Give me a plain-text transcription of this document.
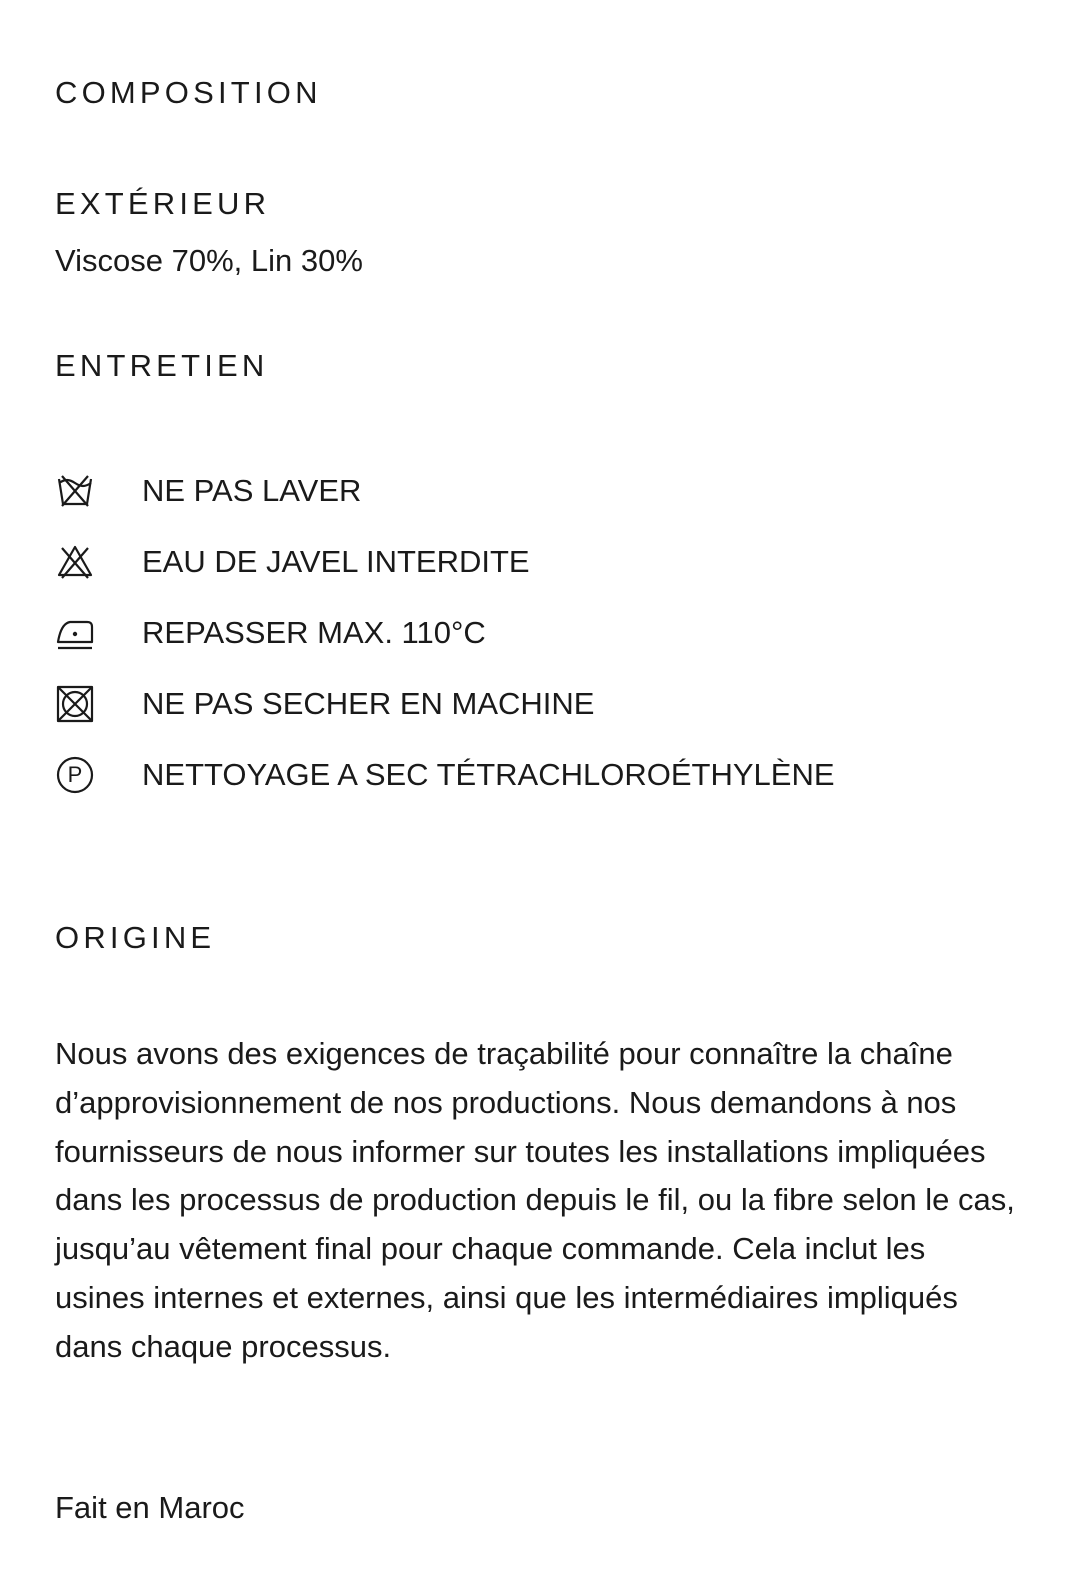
COMPOSITION
EXTÉRIEUR

Viscose 70%, Lin 30%

ENTRETIEN
NE PAS LAVER
EAU DE JAVEL INTERDITE
REPASSER MAX. 110°C
NE PAS SECHER EN MACHINE
P NETTOYAGE A SEC TÉTRACHLOROÉTHYLÈNE
ORIGINE

Nous avons des exigences de traçabilité pour connaître la chaîne d’approvisionnement de nos productions. Nous demandons à nos fournisseurs de nous informer sur toutes les installations impliquées dans les processus de production depuis le fil, ou la fibre selon le cas, jusqu’au vêtement final pour chaque commande. Cela inclut les usines internes et externes, ainsi que les intermédiaires impliqués dans chaque processus.

Fait en Maroc
